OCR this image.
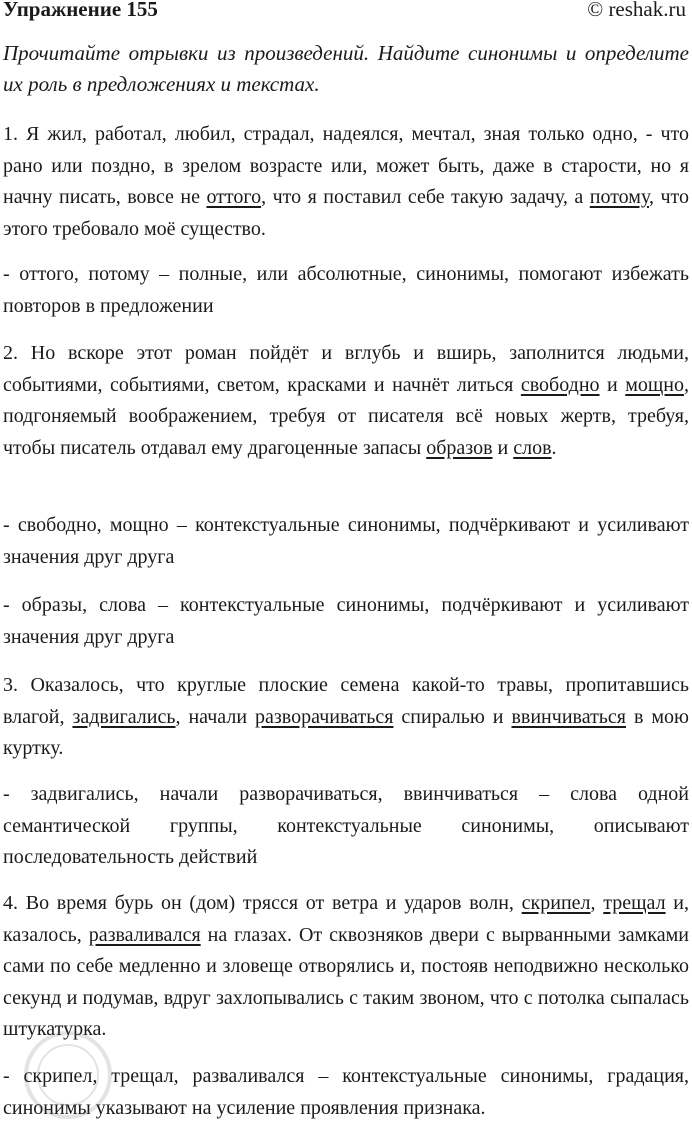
Упражнение 155	© reshak.ru

Прочитайте отрывки из произведений. Найдите синонимы и определите их роль в предложениях и текстах.

1. Я жил, работал, любил, страдал, надеялся, мечтал, зная только одно, - что рано или поздно, в зрелом возрасте или, может быть, даже в старости, но я начну писать, вовсе не оттого, что я поставил себе такую задачу, а потому, что этого требовало моё существо.

- оттого, потому – полные, или абсолютные, синонимы, помогают избежать повторов в предложении

2. Но вскоре этот роман пойдёт и вглубь и вширь, заполнится людьми, событиями, событиями, светом, красками и начнёт литься свободно и мощно, подгоняемый воображением, требуя от писателя всё новых жертв, требуя, чтобы писатель отдавал ему драгоценные запасы образов и слов.

- свободно, мощно – контекстуальные синонимы, подчёркивают и усиливают значения друг друга

- образы, слова – контекстуальные синонимы, подчёркивают и усиливают значения друг друга

3. Оказалось, что круглые плоские семена какой-то травы, пропитавшись влагой, задвигались, начали разворачиваться спиралью и ввинчиваться в мою куртку.

- задвигались, начали разворачиваться, ввинчиваться – слова одной семантической группы, контекстуальные синонимы, описывают последовательность действий

4. Во время бурь он (дом) трясся от ветра и ударов волн, скрипел, трещал и, казалось, разваливался на глазах. От сквозняков двери с вырванными замками сами по себе медленно и зловеще отворялись и, постояв неподвижно несколько секунд и подумав, вдруг захлопывались с таким звоном, что с потолка сыпалась штукатурка.

- скрипел, трещал, разваливался – контекстуальные синонимы, градация, синонимы указывают на усиление проявления признака.
